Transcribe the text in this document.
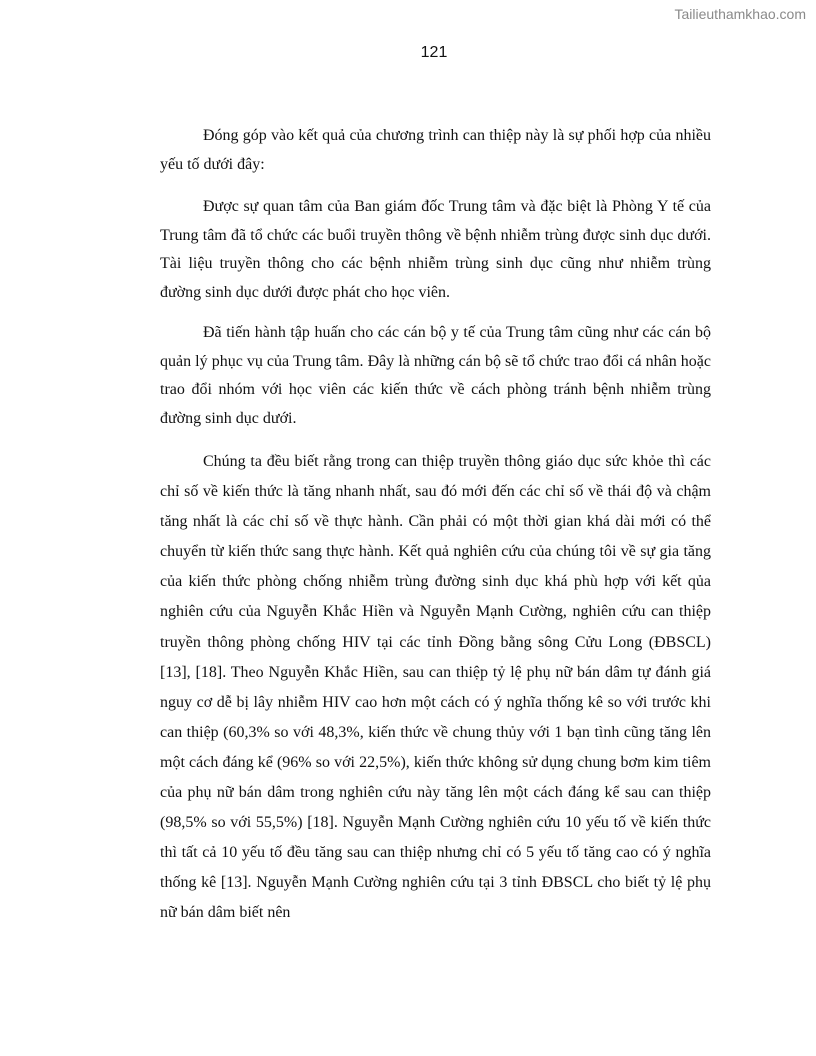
Tailieuthamkhao.com
121

Đóng góp vào kết quả của chương trình can thiệp này là sự phối hợp của nhiều yếu tố dưới đây:

Được sự quan tâm của Ban giám đốc Trung tâm và đặc biệt là Phòng Y tế của Trung tâm đã tổ chức các buổi truyền thông về bệnh nhiễm trùng được sinh dục dưới. Tài liệu truyền thông cho các bệnh nhiễm trùng sinh dục cũng như nhiễm trùng đường sinh dục dưới được phát cho học viên.

Đã tiến hành tập huấn cho các cán bộ y tế của Trung tâm cũng như các cán bộ quản lý phục vụ của Trung tâm. Đây là những cán bộ sẽ tổ chức trao đổi cá nhân hoặc trao đổi nhóm với học viên các kiến thức về cách phòng tránh bệnh nhiễm trùng đường sinh dục dưới.

Chúng ta đều biết rằng trong can thiệp truyền thông giáo dục sức khỏe thì các chỉ số về kiến thức là tăng nhanh nhất, sau đó mới đến các chỉ số về thái độ và chậm tăng nhất là các chỉ số về thực hành. Cần phải có một thời gian khá dài mới có thể chuyển từ kiến thức sang thực hành. Kết quả nghiên cứu của chúng tôi về sự gia tăng của kiến thức phòng chống nhiễm trùng đường sinh dục khá phù hợp với kết qủa nghiên cứu của Nguyễn Khắc Hiền và Nguyễn Mạnh Cường, nghiên cứu can thiệp truyền thông phòng chống HIV tại các tỉnh Đồng bằng sông Cửu Long (ĐBSCL) [13], [18]. Theo Nguyễn Khắc Hiền, sau can thiệp tỷ lệ phụ nữ bán dâm tự đánh giá nguy cơ dễ bị lây nhiễm HIV cao hơn một cách có ý nghĩa thống kê so với trước khi can thiệp (60,3% so với 48,3%, kiến thức về chung thủy với 1 bạn tình cũng tăng lên một cách đáng kể (96% so với 22,5%), kiến thức không sử dụng chung bơm kim tiêm của phụ nữ bán dâm trong nghiên cứu này tăng lên một cách đáng kể sau can thiệp (98,5% so với 55,5%) [18]. Nguyễn Mạnh Cường nghiên cứu 10 yếu tố về kiến thức thì tất cả 10 yếu tố đều tăng sau can thiệp nhưng chỉ có 5 yếu tố tăng cao có ý nghĩa thống kê [13]. Nguyễn Mạnh Cường nghiên cứu tại 3 tỉnh ĐBSCL cho biết tỷ lệ phụ nữ bán dâm biết nên
